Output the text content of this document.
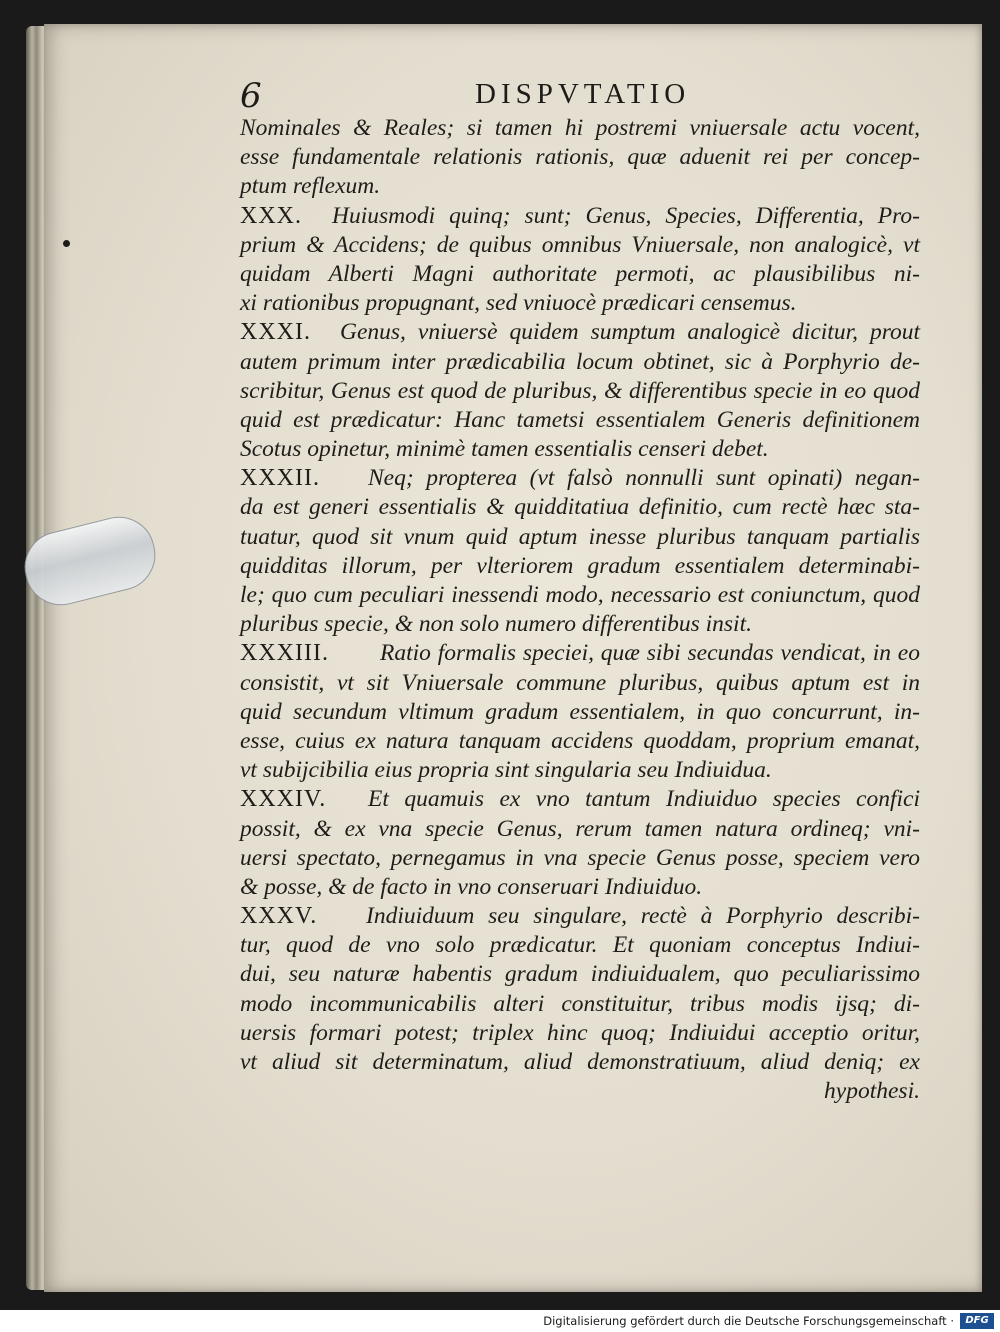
6	DISPVTATIO
Nominales & Reales; si tamen hi postremi vniuersale actu vocent,
esse fundamentale relationis rationis, quæ aduenit rei per concep-
ptum reflexum.
XXX. Huiusmodi quinq; sunt; Genus, Species, Differentia, Pro-
prium & Accidens; de quibus omnibus Vniuersale, non analogicè, vt
quidam Alberti Magni authoritate permoti, ac plausibilibus ni-
xi rationibus propugnant, sed vniuocè prædicari censemus.
XXXI. Genus, vniuersè quidem sumptum analogicè dicitur, prout
autem primum inter prædicabilia locum obtinet, sic à Porphyrio de-
scribitur, Genus est quod de pluribus, & differentibus specie in eo quod
quid est prædicatur: Hanc tametsi essentialem Generis definitionem
Scotus opinetur, minimè tamen essentialis censeri debet.
XXXII. Neq; propterea (vt falsò nonnulli sunt opinati) negan-
da est generi essentialis & quidditatiua definitio, cum rectè hæc sta-
tuatur, quod sit vnum quid aptum inesse pluribus tanquam partialis
quidditas illorum, per vlteriorem gradum essentialem determinabi-
le; quo cum peculiari inessendi modo, necessario est coniunctum, quod
pluribus specie, & non solo numero differentibus insit.
XXXIII. Ratio formalis speciei, quæ sibi secundas vendicat, in eo
consistit, vt sit Vniuersale commune pluribus, quibus aptum est in
quid secundum vltimum gradum essentialem, in quo concurrunt, in-
esse, cuius ex natura tanquam accidens quoddam, proprium emanat,
vt subijcibilia eius propria sint singularia seu Indiuidua.
XXXIV. Et quamuis ex vno tantum Indiuiduo species confici
possit, & ex vna specie Genus, rerum tamen natura ordineq; vni-
uersi spectato, pernegamus in vna specie Genus posse, speciem vero
& posse, & de facto in vno conseruari Indiuiduo.
XXXV. Indiuiduum seu singulare, rectè à Porphyrio describi-
tur, quod de vno solo prædicatur. Et quoniam conceptus Indiui-
dui, seu naturæ habentis gradum indiuidualem, quo peculiarissimo
modo incommunicabilis alteri constituitur, tribus modis ijsq; di-
uersis formari potest; triplex hinc quoq; Indiuidui acceptio oritur,
vt aliud sit determinatum, aliud demonstratiuum, aliud deniq; ex
hypothesi.
Digitalisierung gefördert durch die Deutsche Forschungsgemeinschaft ·	DFG
